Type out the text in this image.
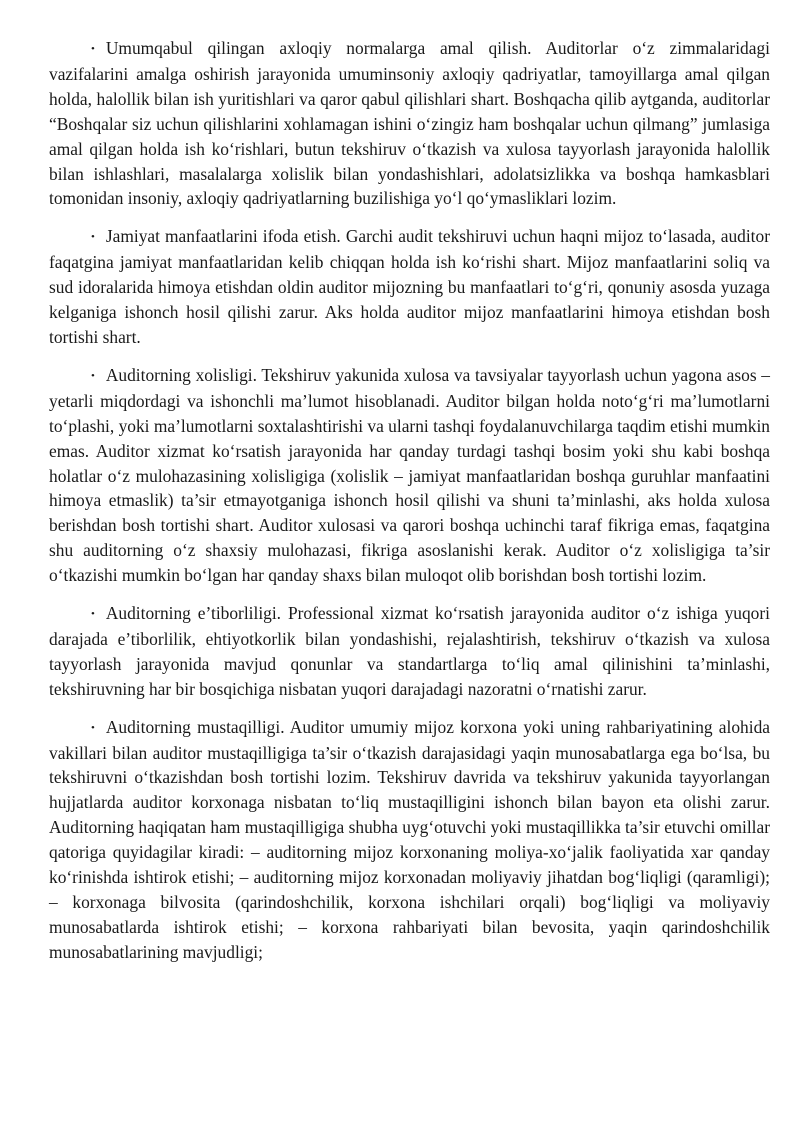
• Umumqabul qilingan axloqiy normalarga amal qilish. Auditorlar o‘z zimmalaridagi vazifalarini amalga oshirish jarayonida umuminsoniy axloqiy qadriyatlar, tamoyillarga amal qilgan holda, halollik bilan ish yuritishlari va qaror qabul qilishlari shart. Boshqacha qilib aytganda, auditorlar “Boshqalar siz uchun qilishlarini xohlamagan ishini o‘zingiz ham boshqalar uchun qilmang” jumlasiga amal qilgan holda ish ko‘rishlari, butun tekshiruv o‘tkazish va xulosa tayyorlash jarayonida halollik bilan ishlashlari, masalalarga xolislik bilan yondashishlari, adolatsizlikka va boshqa hamkasblari tomonidan insoniy, axloqiy qadriyatlarning buzilishiga yo‘l qo‘ymasliklari lozim.

• Jamiyat manfaatlarini ifoda etish. Garchi audit tekshiruvi uchun haqni mijoz to‘lasada, auditor faqatgina jamiyat manfaatlaridan kelib chiqqan holda ish ko‘rishi shart. Mijoz manfaatlarini soliq va sud idoralarida himoya etishdan oldin auditor mijozning bu manfaatlari to‘g‘ri, qonuniy asosda yuzaga kelganiga ishonch hosil qilishi zarur. Aks holda auditor mijoz manfaatlarini himoya etishdan bosh tortishi shart.

• Auditorning xolisligi. Tekshiruv yakunida xulosa va tavsiyalar tayyorlash uchun yagona asos – yetarli miqdordagi va ishonchli ma’lumot hisoblanadi. Auditor bilgan holda noto‘g‘ri ma’lumotlarni to‘plashi, yoki ma’lumotlarni soxtalashtirishi va ularni tashqi foydalanuvchilarga taqdim etishi mumkin emas. Auditor xizmat ko‘rsatish jarayonida har qanday turdagi tashqi bosim yoki shu kabi boshqa holatlar o‘z mulohazasining xolisligiga (xolislik – jamiyat manfaatlaridan boshqa guruhlar manfaatini himoya etmaslik) ta’sir etmayotganiga ishonch hosil qilishi va shuni ta’minlashi, aks holda xulosa berishdan bosh tortishi shart. Auditor xulosasi va qarori boshqa uchinchi taraf fikriga emas, faqatgina shu auditorning o‘z shaxsiy mulohazasi, fikriga asoslanishi kerak. Auditor o‘z xolisligiga ta’sir o‘tkazishi mumkin bo‘lgan har qanday shaxs bilan muloqot olib borishdan bosh tortishi lozim.

• Auditorning e’tiborliligi. Professional xizmat ko‘rsatish jarayonida auditor o‘z ishiga yuqori darajada e’tiborlilik, ehtiyotkorlik bilan yondashishi, rejalashtirish, tekshiruv o‘tkazish va xulosa tayyorlash jarayonida mavjud qonunlar va standartlarga to‘liq amal qilinishini ta’minlashi, tekshiruvning har bir bosqichiga nisbatan yuqori darajadagi nazoratni o‘rnatishi zarur.

• Auditorning mustaqilligi. Auditor umumiy mijoz korxona yoki uning rahbariyatining alohida vakillari bilan auditor mustaqilligiga ta’sir o‘tkazish darajasidagi yaqin munosabatlarga ega bo‘lsa, bu tekshiruvni o‘tkazishdan bosh tortishi lozim. Tekshiruv davrida va tekshiruv yakunida tayyorlangan hujjatlarda auditor korxonaga nisbatan to‘liq mustaqilligini ishonch bilan bayon eta olishi zarur. Auditorning haqiqatan ham mustaqilligiga shubha uyg‘otuvchi yoki mustaqillikka ta’sir etuvchi omillar qatoriga quyidagilar kiradi: – auditorning mijoz korxonaning moliya-xo‘jalik faoliyatida xar qanday ko‘rinishda ishtirok etishi; – auditorning mijoz korxonadan moliyaviy jihatdan bog‘liqligi (qaramligi); – korxonaga bilvosita (qarindoshchilik, korxona ishchilari orqali) bog‘liqligi va moliyaviy munosabatlarda ishtirok etishi; – korxona rahbariyati bilan bevosita, yaqin qarindoshchilik munosabatlarining mavjudligi;
